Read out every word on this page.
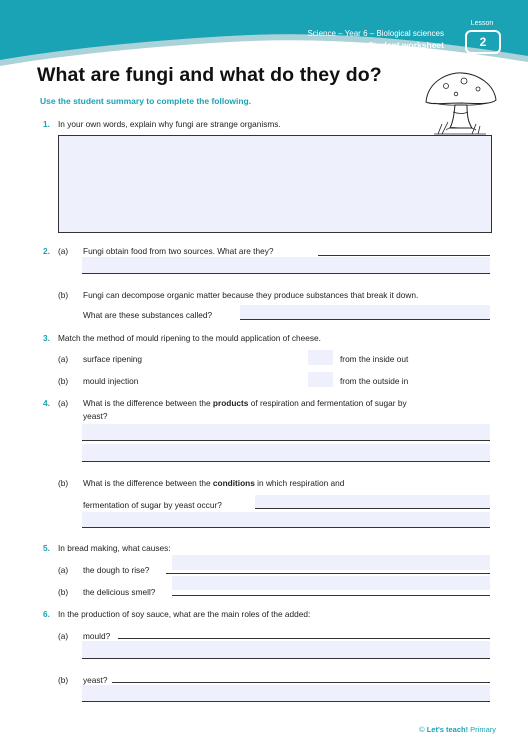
Science – Year 6 – Biological sciences
Student worksheet
Lesson
2
What are fungi and what do they do?
Use the student summary to complete the following.
1. In your own words, explain why fungi are strange organisms.
2. (a) Fungi obtain food from two sources. What are they?
(b) Fungi can decompose organic matter because they produce substances that break it down.
What are these substances called?
3. Match the method of mould ripening to the mould application of cheese.
(a) surface ripening	from the inside out
(b) mould injection	from the outside in
4. (a) What is the difference between the products of respiration and fermentation of sugar by
yeast?
(b) What is the difference between the conditions in which respiration and
fermentation of sugar by yeast occur?
5. In bread making, what causes:
(a) the dough to rise?
(b) the delicious smell?
6. In the production of soy sauce, what are the main roles of the added:
(a) mould?
(b) yeast?
© Let's teach! Primary
